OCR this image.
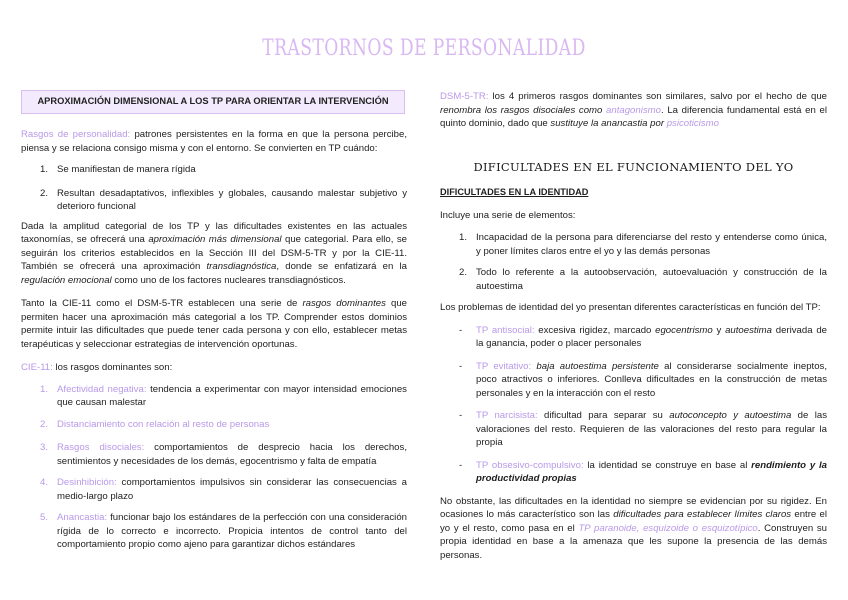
TRASTORNOS DE PERSONALIDAD
APROXIMACIÓN DIMENSIONAL A LOS TP PARA ORIENTAR LA INTERVENCIÓN

Rasgos de personalidad: patrones persistentes en la forma en que la persona percibe, piensa y se relaciona consigo misma y con el entorno. Se convierten en TP cuándo:

1. Se manifiestan de manera rígida
2. Resultan desadaptativos, inflexibles y globales, causando malestar subjetivo y deterioro funcional

Dada la amplitud categorial de los TP y las dificultades existentes en las actuales taxonomías, se ofrecerá una aproximación más dimensional que categorial. Para ello, se seguirán los criterios establecidos en la Sección III del DSM-5-TR y por la CIE-11. También se ofrecerá una aproximación transdiagnóstica, donde se enfatizará en la regulación emocional como uno de los factores nucleares transdiagnósticos.

Tanto la CIE-11 como el DSM-5-TR establecen una serie de rasgos dominantes que permiten hacer una aproximación más categorial a los TP. Comprender estos dominios permite intuir las dificultades que puede tener cada persona y con ello, establecer metas terapéuticas y seleccionar estrategias de intervención oportunas.

CIE-11: los rasgos dominantes son:

1. Afectividad negativa: tendencia a experimentar con mayor intensidad emociones que causan malestar
2. Distanciamiento con relación al resto de personas
3. Rasgos disociales: comportamientos de desprecio hacia los derechos, sentimientos y necesidades de los demás, egocentrismo y falta de empatía
4. Desinhibición: comportamientos impulsivos sin considerar las consecuencias a medio-largo plazo
5. Anancastia: funcionar bajo los estándares de la perfección con una consideración rígida de lo correcto e incorrecto. Propicia intentos de control tanto del comportamiento propio como ajeno para garantizar dichos estándares

DSM-5-TR: los 4 primeros rasgos dominantes son similares, salvo por el hecho de que renombra los rasgos disociales como antagonismo. La diferencia fundamental está en el quinto dominio, dado que sustituye la anancastia por psicoticismo

DIFICULTADES EN EL FUNCIONAMIENTO DEL YO
DIFICULTADES EN LA IDENTIDAD

Incluye una serie de elementos:

1. Incapacidad de la persona para diferenciarse del resto y entenderse como única, y poner límites claros entre el yo y las demás personas
2. Todo lo referente a la autoobservación, autoevaluación y construcción de la autoestima

Los problemas de identidad del yo presentan diferentes características en función del TP:

- TP antisocial: excesiva rigidez, marcado egocentrismo y autoestima derivada de la ganancia, poder o placer personales
- TP evitativo: baja autoestima persistente al considerarse socialmente ineptos, poco atractivos o inferiores. Conlleva dificultades en la construcción de metas personales y en la interacción con el resto
- TP narcisista: dificultad para separar su autoconcepto y autoestima de las valoraciones del resto. Requieren de las valoraciones del resto para regular la propia
- TP obsesivo-compulsivo: la identidad se construye en base al rendimiento y la productividad propias

No obstante, las dificultades en la identidad no siempre se evidencian por su rigidez. En ocasiones lo más característico son las dificultades para establecer límites claros entre el yo y el resto, como pasa en el TP paranoide, esquizoide o esquizotípico. Construyen su propia identidad en base a la amenaza que les supone la presencia de las demás personas.
